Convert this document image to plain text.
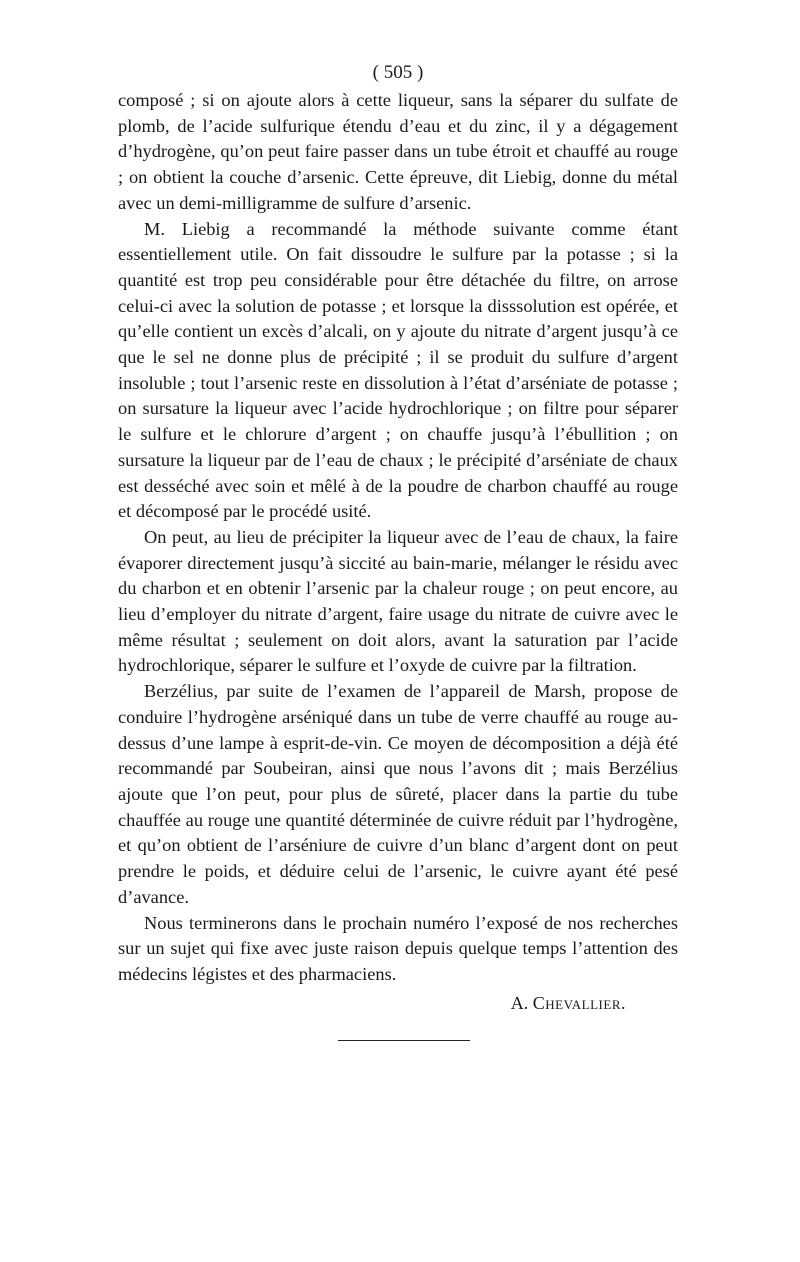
( 505 )

composé ; si on ajoute alors à cette liqueur, sans la séparer du sulfate de plomb, de l’acide sulfurique étendu d’eau et du zinc, il y a dégagement d’hydrogène, qu’on peut faire passer dans un tube étroit et chauffé au rouge ; on obtient la couche d’arsenic. Cette épreuve, dit Liebig, donne du métal avec un demi-milligramme de sulfure d’arsenic.

M. Liebig a recommandé la méthode suivante comme étant essentiellement utile. On fait dissoudre le sulfure par la potasse ; si la quantité est trop peu considérable pour être détachée du filtre, on arrose celui-ci avec la solution de potasse ; et lorsque la disssolution est opérée, et qu’elle contient un excès d’alcali, on y ajoute du nitrate d’argent jusqu’à ce que le sel ne donne plus de précipité ; il se produit du sulfure d’argent insoluble ; tout l’arsenic reste en dissolution à l’état d’arséniate de potasse ; on sursature la liqueur avec l’acide hydrochlorique ; on filtre pour séparer le sulfure et le chlorure d’argent ; on chauffe jusqu’à l’ébullition ; on sursature la liqueur par de l’eau de chaux ; le précipité d’arséniate de chaux est desséché avec soin et mêlé à de la poudre de charbon chauffé au rouge et décomposé par le procédé usité.

On peut, au lieu de précipiter la liqueur avec de l’eau de chaux, la faire évaporer directement jusqu’à siccité au bain-marie, mélanger le résidu avec du charbon et en obtenir l’arsenic par la chaleur rouge ; on peut encore, au lieu d’employer du nitrate d’argent, faire usage du nitrate de cuivre avec le même résultat ; seulement on doit alors, avant la saturation par l’acide hydrochlorique, séparer le sulfure et l’oxyde de cuivre par la filtration.

Berzélius, par suite de l’examen de l’appareil de Marsh, propose de conduire l’hydrogène arséniqué dans un tube de verre chauffé au rouge au-dessus d’une lampe à esprit-de-vin. Ce moyen de décomposition a déjà été recommandé par Soubeiran, ainsi que nous l’avons dit ; mais Berzélius ajoute que l’on peut, pour plus de sûreté, placer dans la partie du tube chauffée au rouge une quantité déterminée de cuivre réduit par l’hydrogène, et qu’on obtient de l’arséniure de cuivre d’un blanc d’argent dont on peut prendre le poids, et déduire celui de l’arsenic, le cuivre ayant été pesé d’avance.

Nous terminerons dans le prochain numéro l’exposé de nos recherches sur un sujet qui fixe avec juste raison depuis quelque temps l’attention des médecins légistes et des pharmaciens.

A. Chevallier.
